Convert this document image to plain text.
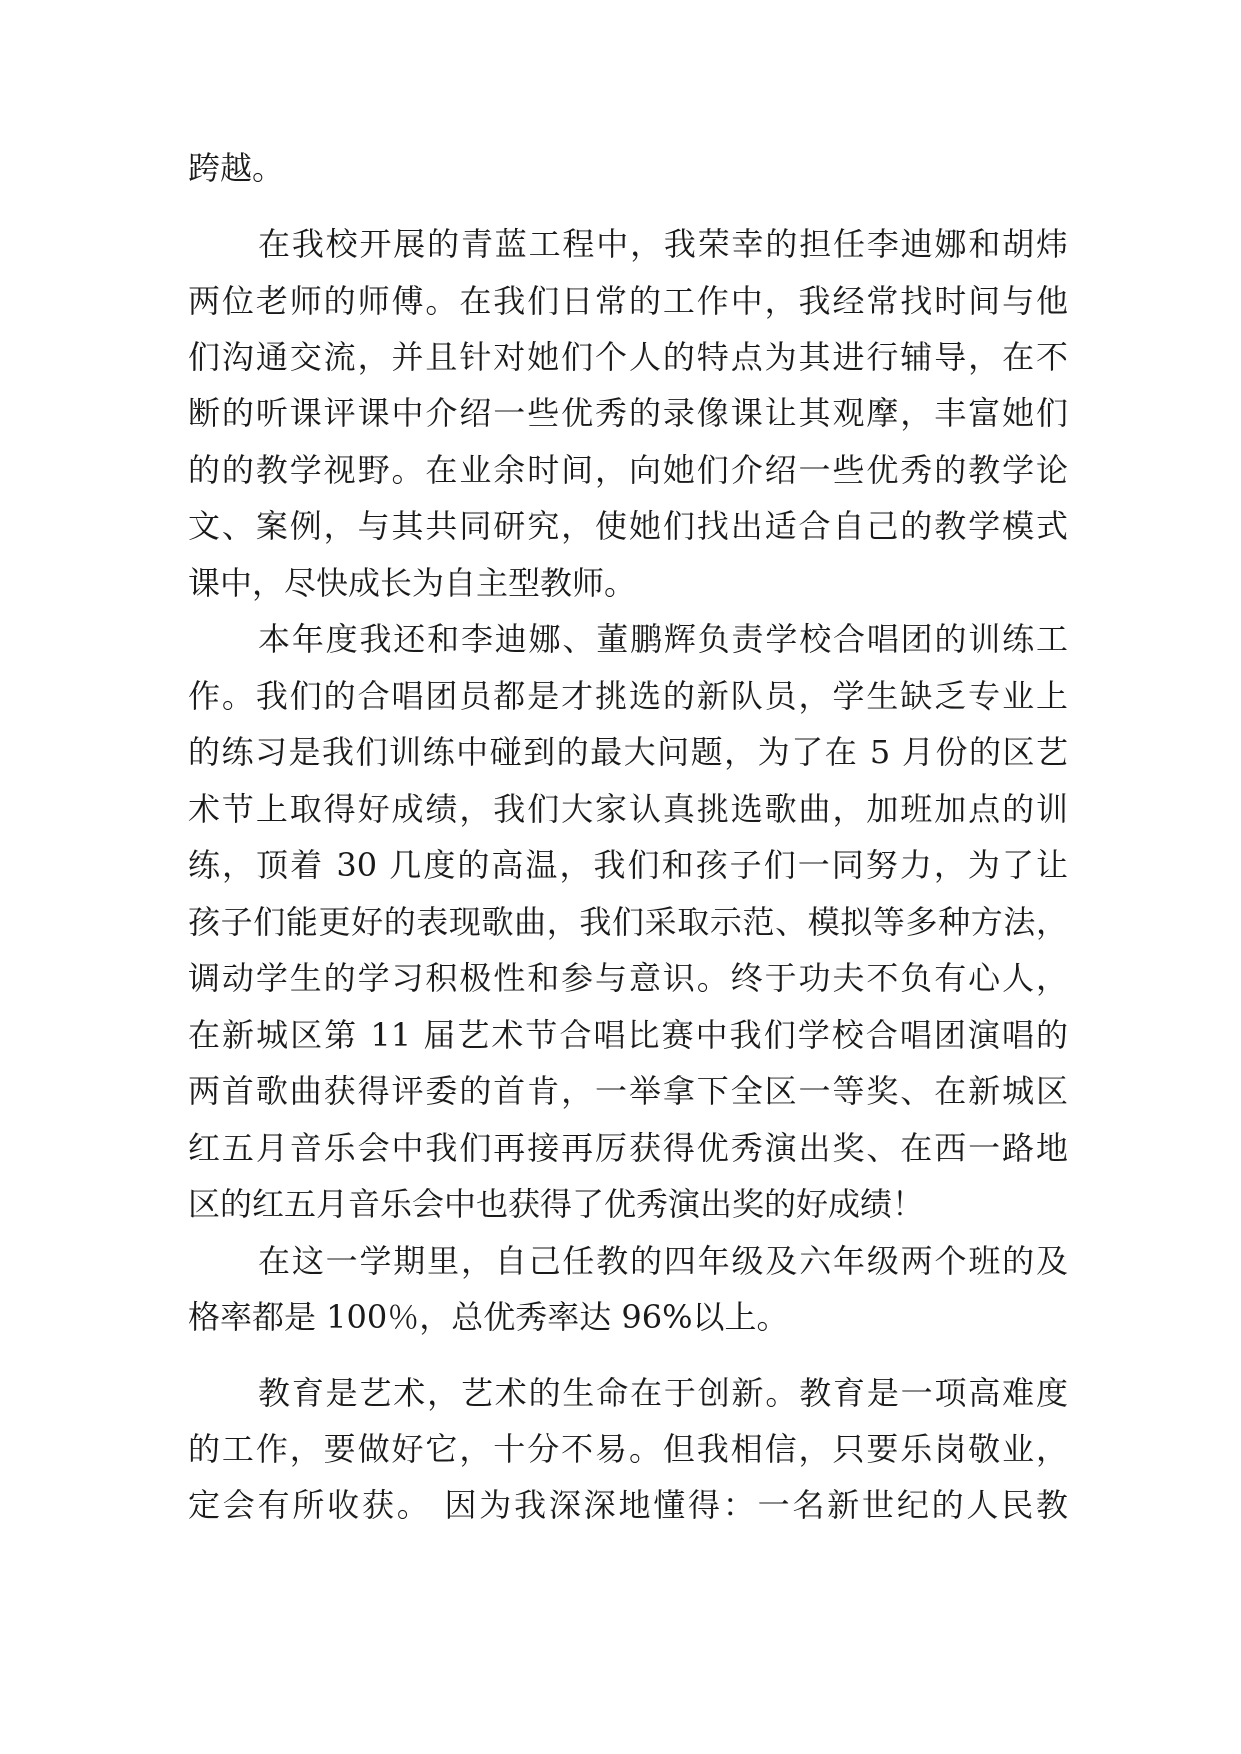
跨越。
在我校开展的青蓝工程中，我荣幸的担任李迪娜和胡炜
两位老师的师傅。在我们日常的工作中，我经常找时间与他
们沟通交流，并且针对她们个人的特点为其进行辅导，在不
断的听课评课中介绍一些优秀的录像课让其观摩，丰富她们
的的教学视野。在业余时间，向她们介绍一些优秀的教学论
文、案例，与其共同研究，使她们找出适合自己的教学模式
课中，尽快成长为自主型教师。
本年度我还和李迪娜、董鹏辉负责学校合唱团的训练工
作。我们的合唱团员都是才挑选的新队员，学生缺乏专业上
的练习是我们训练中碰到的最大问题，为了在 5 月份的区艺
术节上取得好成绩，我们大家认真挑选歌曲，加班加点的训
练，顶着 30 几度的高温，我们和孩子们一同努力，为了让
孩子们能更好的表现歌曲，我们采取示范、模拟等多种方法，
调动学生的学习积极性和参与意识。终于功夫不负有心人，
在新城区第 11 届艺术节合唱比赛中我们学校合唱团演唱的
两首歌曲获得评委的首肯，一举拿下全区一等奖、在新城区
红五月音乐会中我们再接再厉获得优秀演出奖、在西一路地
区的红五月音乐会中也获得了优秀演出奖的好成绩！
在这一学期里，自己任教的四年级及六年级两个班的及
格率都是 100％，总优秀率达 96%以上。
教育是艺术，艺术的生命在于创新。教育是一项高难度
的工作，要做好它，十分不易。但我相信，只要乐岗敬业，
定会有所收获。 因为我深深地懂得：一名新世纪的人民教
